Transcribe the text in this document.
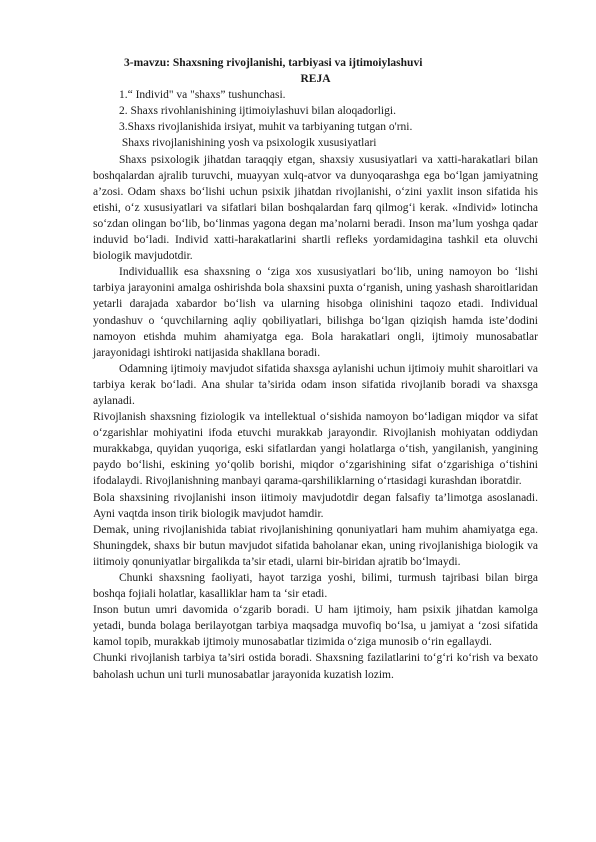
3-mavzu: Shaxsning rivojlanishi, tarbiyasi va ijtimoiylashuvi
REJA
1.“ Individ" va "shaxs” tushunchasi.
2. Shaxs rivohlanishining ijtimoiylashuvi bilan aloqadorligi.
3.Shaxs rivojlanishida irsiyat, muhit va tarbiyaning tutgan o'rni.
Shaxs rivojlanishining yosh va psixologik xususiyatlari

Shaxs psixologik jihatdan taraqqiy etgan, shaxsiy xususiyatlari va xatti-harakatlari bilan boshqalardan ajralib turuvchi, muayyan xulq-atvor va dunyoqarashga ega bo‘lgan jamiyatning a’zosi. Odam shaxs bo‘lishi uchun psixik jihatdan rivojlanishi, o‘zini yaxlit inson sifatida his etishi, o‘z xususiyatlari va sifatlari bilan boshqalardan farq qilmog‘i kerak. «Individ» lotincha so‘zdan olingan bo‘lib, bo‘linmas yagona degan ma’nolarni beradi. Inson ma’lum yoshga qadar induvid bo‘ladi. Individ xatti-harakatlarini shartli refleks yordamidagina tashkil eta oluvchi biologik mavjudotdir.

Individuallik esa shaxsning o ‘ziga xos xususiyatlari bo‘lib, uning namoyon bo ‘lishi tarbiya jarayonini amalga oshirishda bola shaxsini puxta o‘rganish, uning yashash sharoitlaridan yetarli darajada xabardor bo‘lish va ularning hisobga olinishini taqozo etadi. Individual yondashuv o ‘quvchilarning aqliy qobiliyatlari, bilishga bo‘lgan qiziqish hamda iste’dodini namoyon etishda muhim ahamiyatga ega. Bola harakatlari ongli, ijtimoiy munosabatlar jarayonidagi ishtiroki natijasida shakllana boradi.

Odamning ijtimoiy mavjudot sifatida shaxsga aylanishi uchun ijtimoiy muhit sharoitlari va tarbiya kerak bo‘ladi. Ana shular ta’sirida odam inson sifatida rivojlanib boradi va shaxsga aylanadi.

Rivojlanish shaxsning fiziologik va intellektual o‘sishida namoyon bo‘ladigan miqdor va sifat o‘zgarishlar mohiyatini ifoda etuvchi murakkab jarayondir. Rivojlanish mohiyatan oddiydan murakkabga, quyidan yuqoriga, eski sifatlardan yangi holatlarga o‘tish, yangilanish, yangining paydo bo‘lishi, eskining yo‘qolib borishi, miqdor o‘zgarishining sifat o‘zgarishiga o‘tishini ifodalaydi. Rivojlanishning manbayi qarama-qarshiliklarning o‘rtasidagi kurashdan iboratdir.

Bola shaxsining rivojlanishi inson iitimoiy mavjudotdir degan falsafiy ta’limotga asoslanadi. Ayni vaqtda inson tirik biologik mavjudot hamdir.

Demak, uning rivojlanishida tabiat rivojlanishining qonuniyatlari ham muhim ahamiyatga ega. Shuningdek, shaxs bir butun mavjudot sifatida baholanar ekan, uning rivojlanishiga biologik va iitimoiy qonuniyatlar birgalikda ta’sir etadi, ularni bir-biridan ajratib bo‘lmaydi.

Chunki shaxsning faoliyati, hayot tarziga yoshi, bilimi, turmush tajribasi bilan birga boshqa fojiali holatlar, kasalliklar ham ta ‘sir etadi.

Inson butun umri davomida o‘zgarib boradi. U ham ijtimoiy, ham psixik jihatdan kamolga yetadi, bunda bolaga berilayotgan tarbiya maqsadga muvofiq bo‘lsa, u jamiyat a ‘zosi sifatida kamol topib, murakkab ijtimoiy munosabatlar tizimida o‘ziga munosib o‘rin egallaydi.

Chunki rivojlanish tarbiya ta’siri ostida boradi. Shaxsning fazilatlarini to‘g‘ri ko‘rish va bexato baholash uchun uni turli munosabatlar jarayonida kuzatish lozim.
